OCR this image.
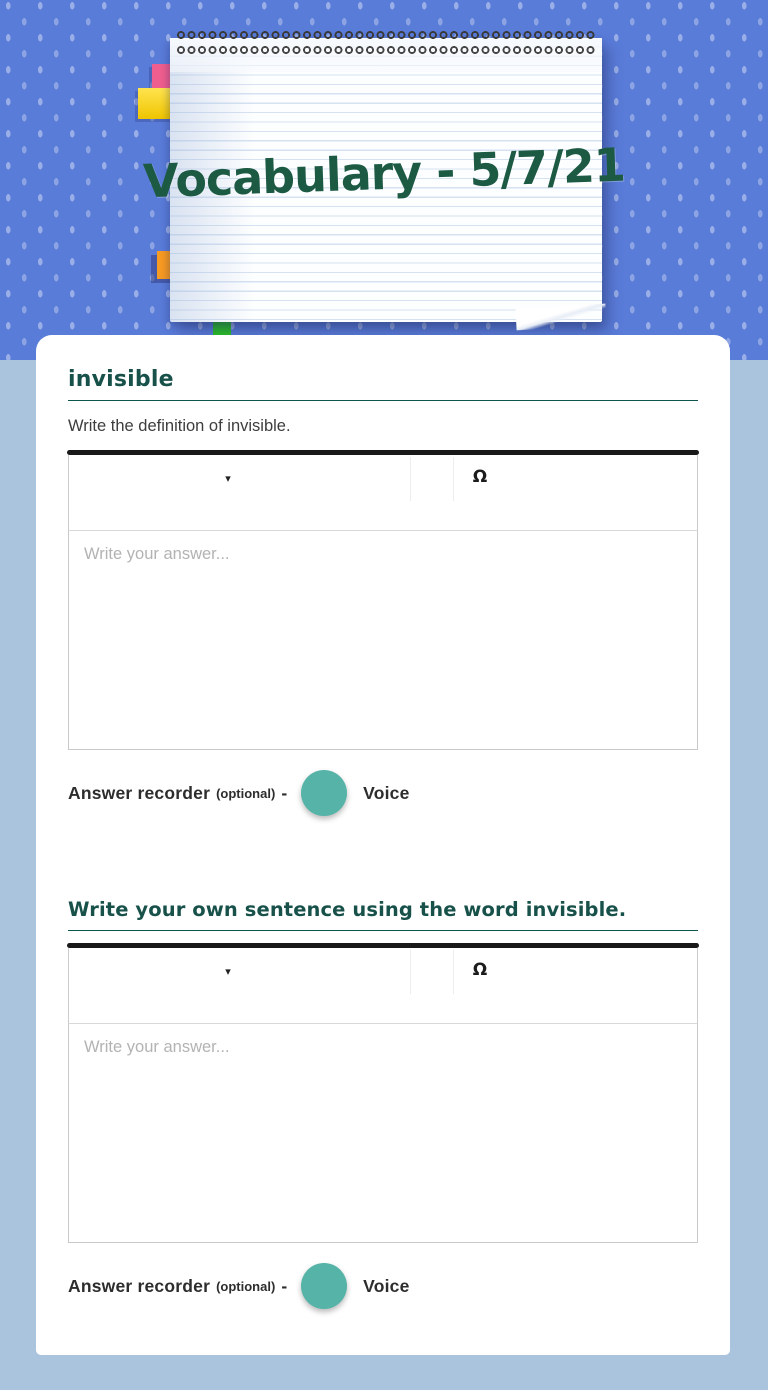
Vocabulary - 5/7/21
invisible

Write the definition of invisible.

▾	Ω
Write your answer...
Answer recorder (optional) -	Voice
Write your own sentence using the word invisible.
▾	Ω
Write your answer...
Answer recorder (optional) -	Voice
